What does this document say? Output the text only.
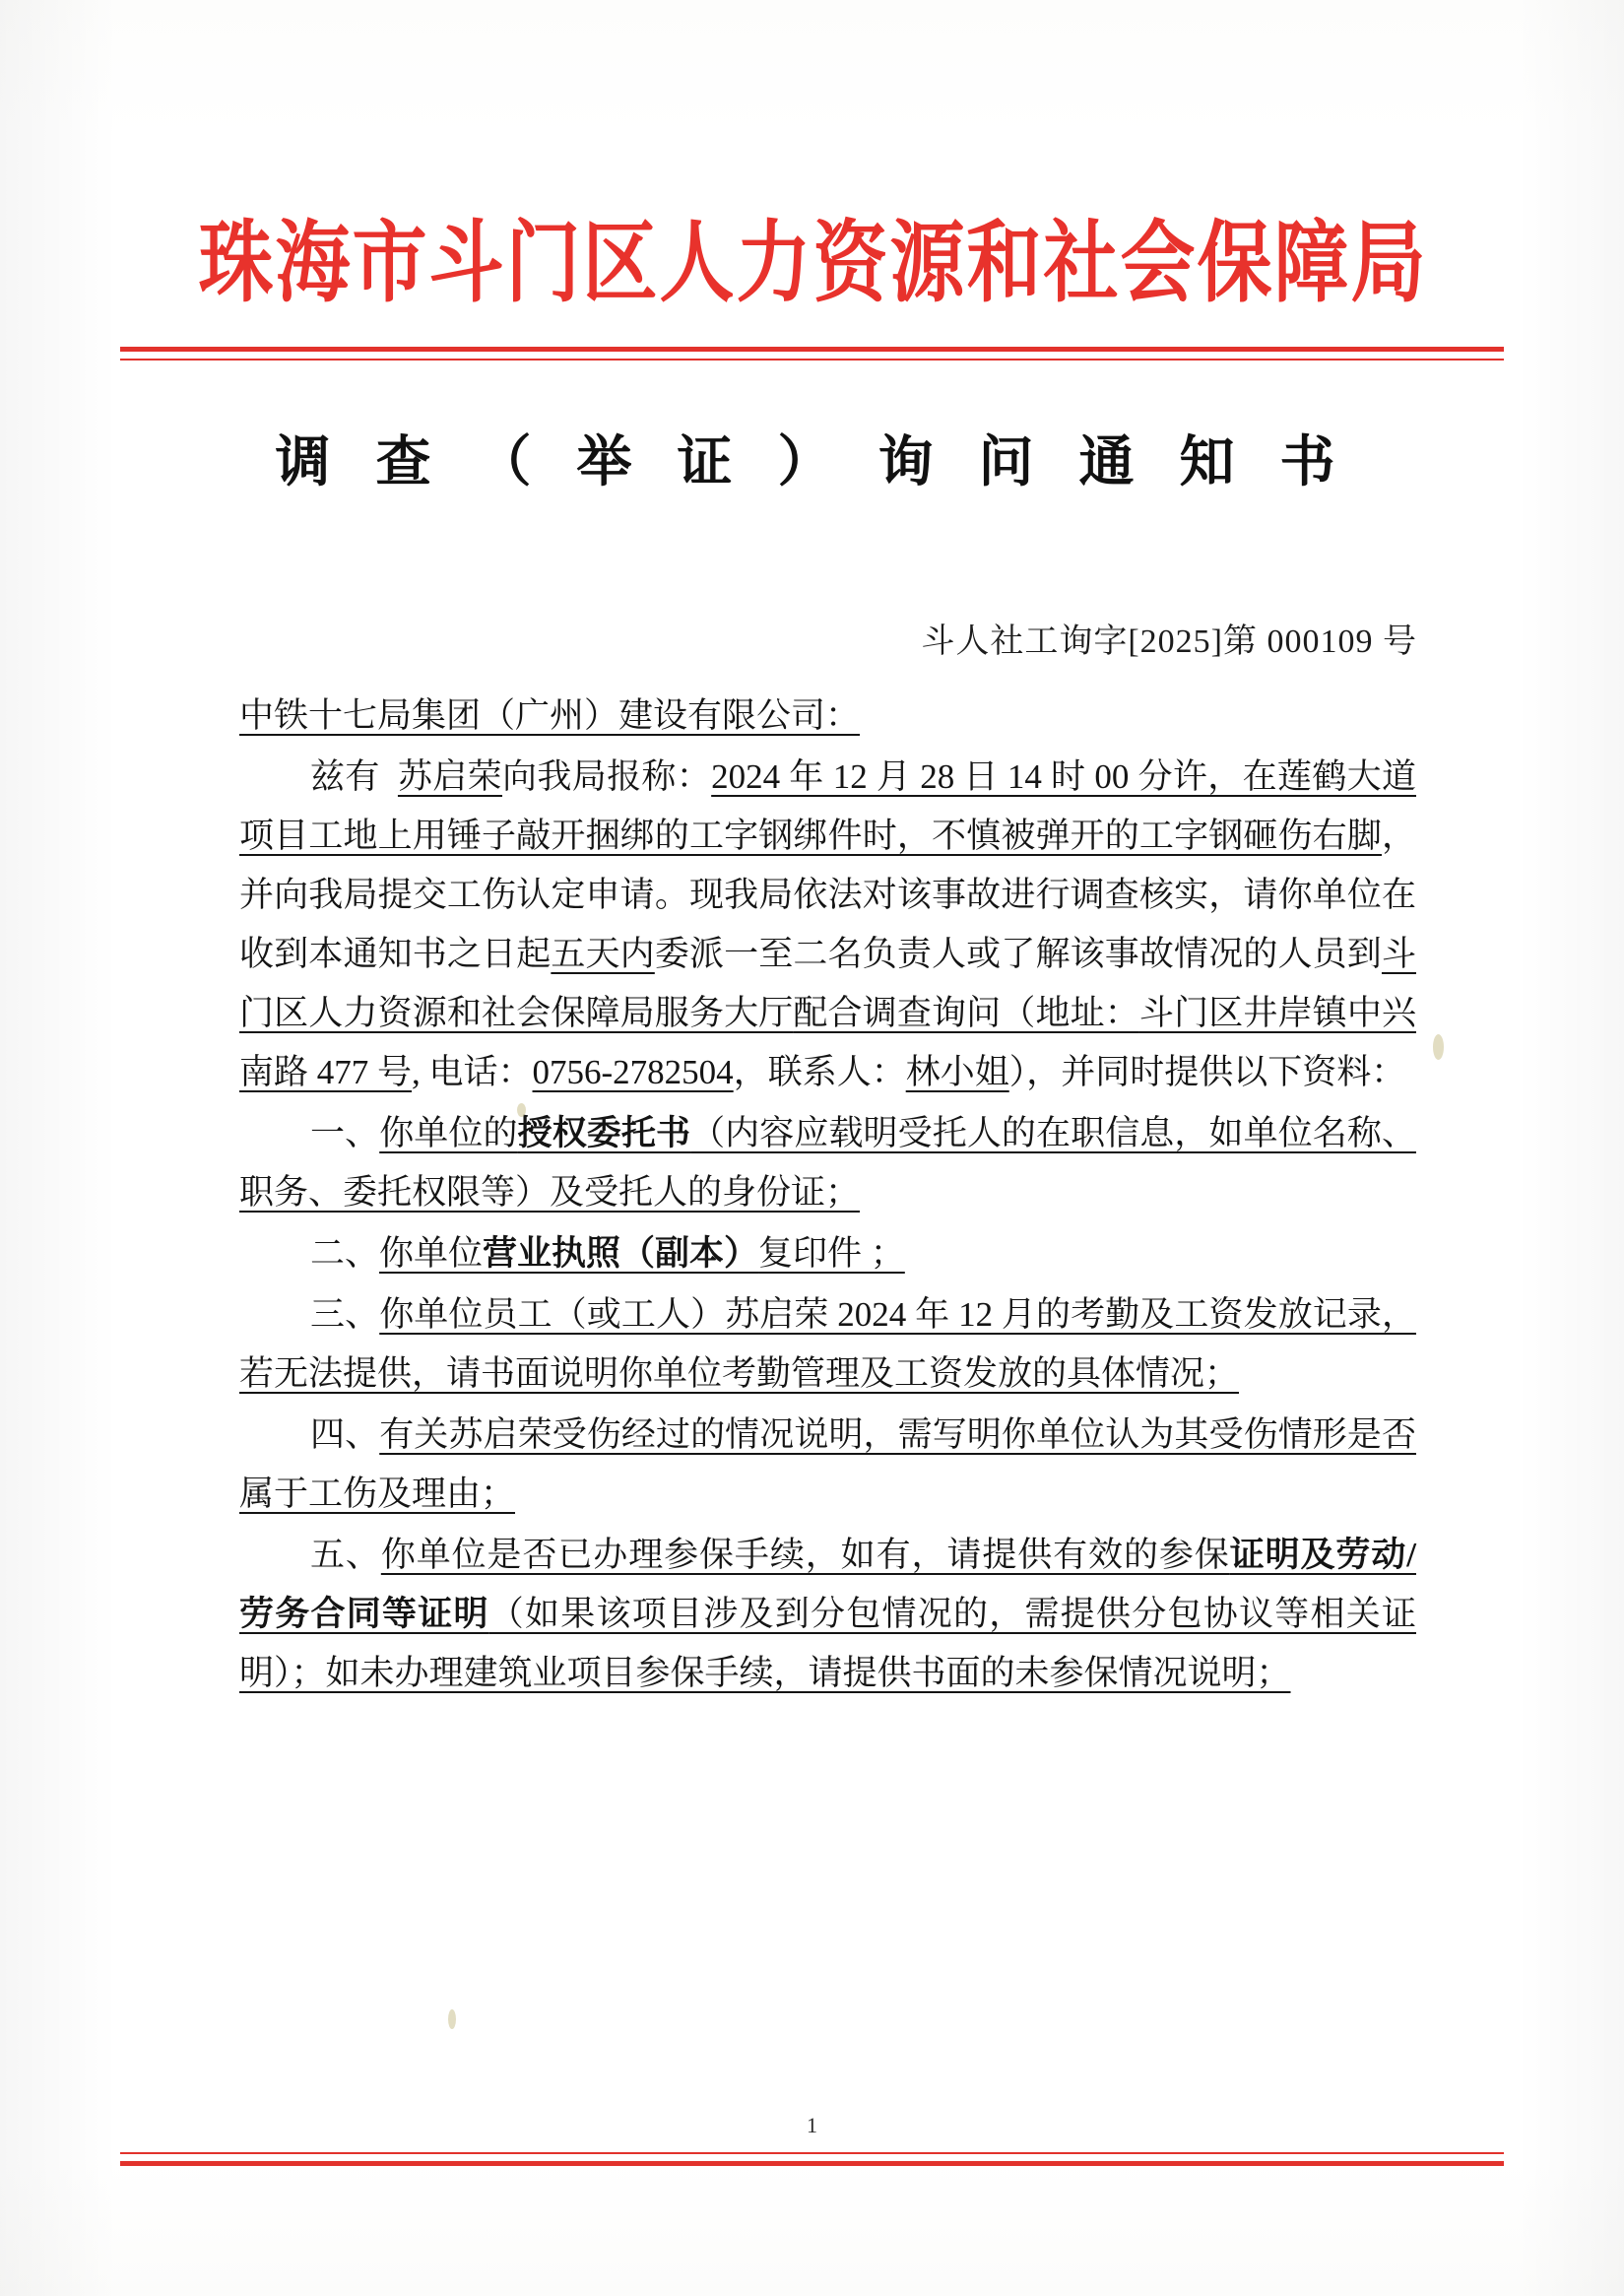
珠海市斗门区人力资源和社会保障局
调 查 （ 举 证 ） 询 问 通 知 书
斗人社工询字[2025]第 000109 号

中铁十七局集团（广州）建设有限公司：

兹有 苏启荣向我局报称：2024 年 12 月 28 日 14 时 00 分许，在莲鹤大道项目工地上用锤子敲开捆绑的工字钢绑件时，不慎被弹开的工字钢砸伤右脚，并向我局提交工伤认定申请。现我局依法对该事故进行调查核实，请你单位在收到本通知书之日起五天内委派一至二名负责人或了解该事故情况的人员到斗门区人力资源和社会保障局服务大厅配合调查询问（地址：斗门区井岸镇中兴南路 477 号, 电话：0756-2782504，联系人：林小姐），并同时提供以下资料：

一、你单位的授权委托书（内容应载明受托人的在职信息，如单位名称、职务、委托权限等）及受托人的身份证；

二、你单位营业执照（副本）复印件 ；

三、你单位员工（或工人）苏启荣 2024 年 12 月的考勤及工资发放记录，若无法提供，请书面说明你单位考勤管理及工资发放的具体情况；

四、有关苏启荣受伤经过的情况说明，需写明你单位认为其受伤情形是否属于工伤及理由；

五、你单位是否已办理参保手续，如有，请提供有效的参保证明及劳动/劳务合同等证明（如果该项目涉及到分包情况的，需提供分包协议等相关证明）；如未办理建筑业项目参保手续，请提供书面的未参保情况说明；

1
